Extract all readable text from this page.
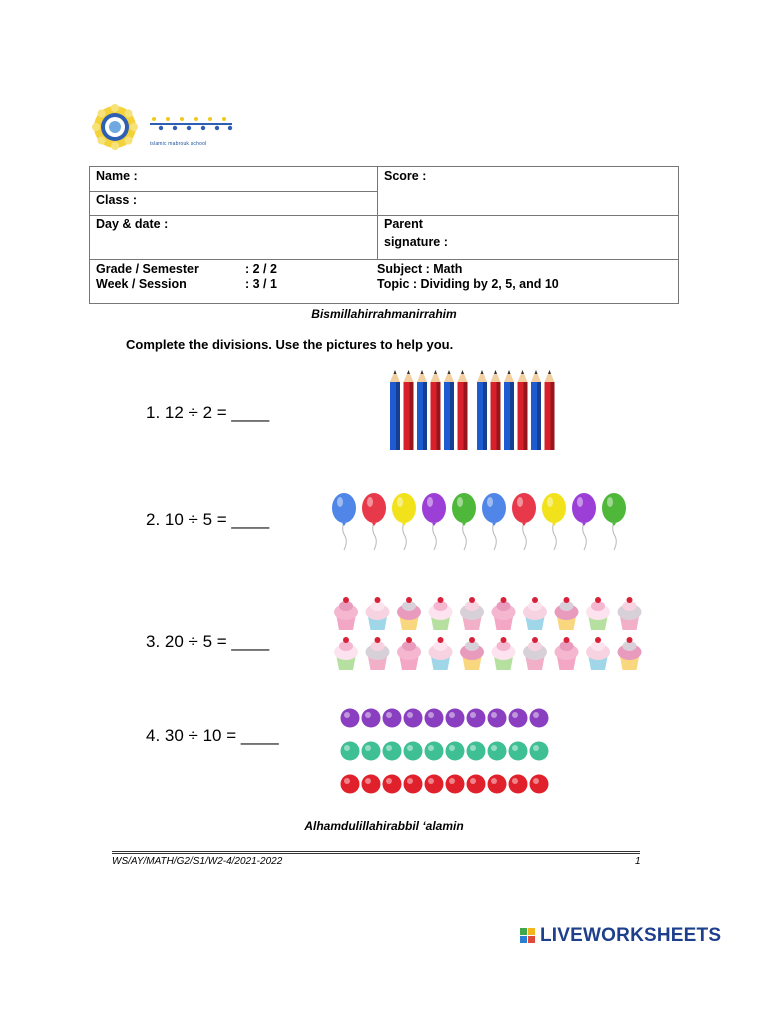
islamic mabrouk school
Name :
Class :
Day & date :
Score :
Parent
signature :
Grade / Semester	: 2 / 2
Week / Session	: 3 / 1
Subject : Math
Topic : Dividing by 2, 5, and 10
Bismillahirrahmanirrahim
Complete the divisions. Use the pictures to help you.
1. 12 ÷ 2 = ____
2. 10 ÷ 5 = ____
3. 20 ÷ 5 = ____
4. 30 ÷ 10 = ____
Alhamdulillahirabbil ‘alamin
WS/AY/MATH/G2/S1/W2-4/2021-2022	1
LIVEWORKSHEETS
